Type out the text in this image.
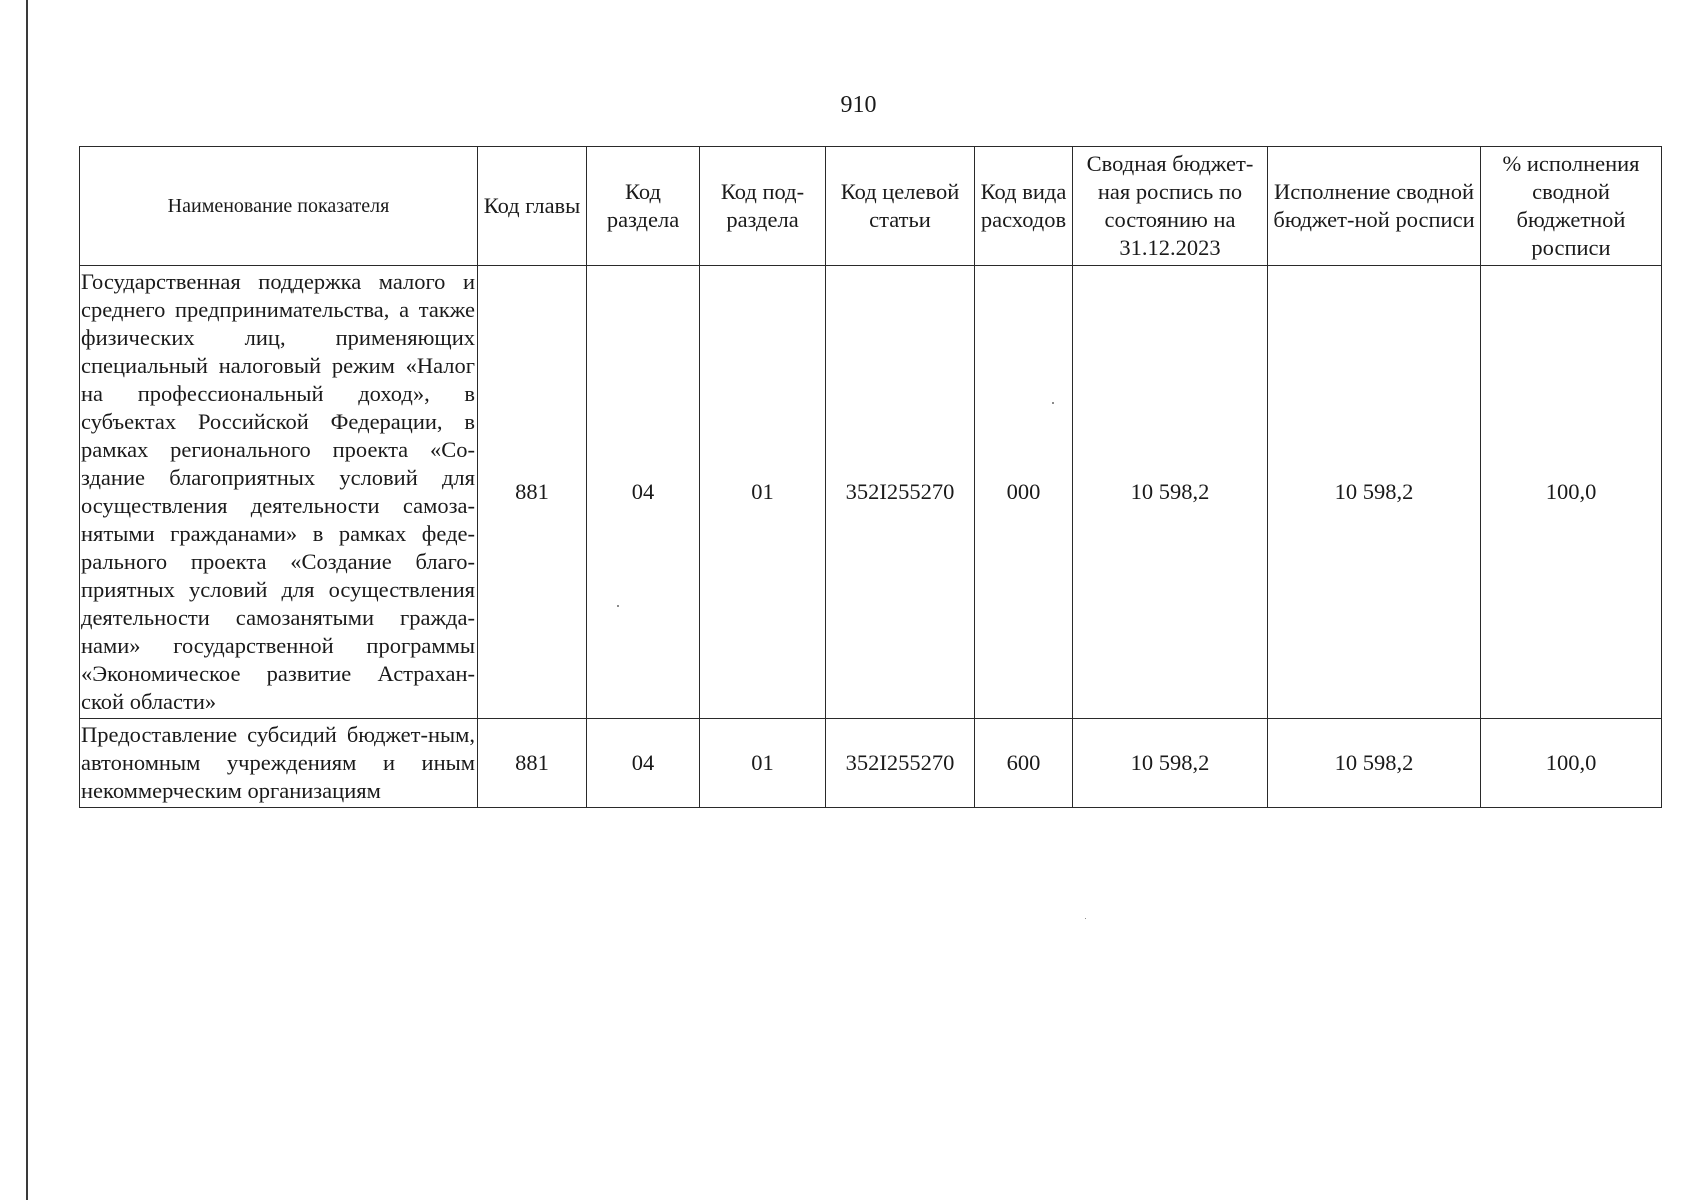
910
Наименование показателя	Код главы	Код раздела	Код под-раздела	Код целевой статьи	Код вида расходов	Сводная бюджет-ная роспись по состоянию на 31.12.2023	Исполнение сводной бюджет-ной росписи	% исполнения сводной бюджетной росписи
Государственная поддержка малого и среднего предпринимательства, а также физических лиц, применяющих специальный налоговый режим «Налог на профессиональный доход», в субъектах Российской Федерации, в рамках регионального проекта «Со-здание благоприятных условий для осуществления деятельности самоза-нятыми гражданами» в рамках феде-рального проекта «Создание благо-приятных условий для осуществления деятельности самозанятыми гражда-нами» государственной программы «Экономическое развитие Астрахан-ской области»	881	04	01	352I255270	000	10 598,2	10 598,2	100,0
Предоставление субсидий бюджет-ным, автономным учреждениям и иным некоммерческим организациям	881	04	01	352I255270	600	10 598,2	10 598,2	100,0
